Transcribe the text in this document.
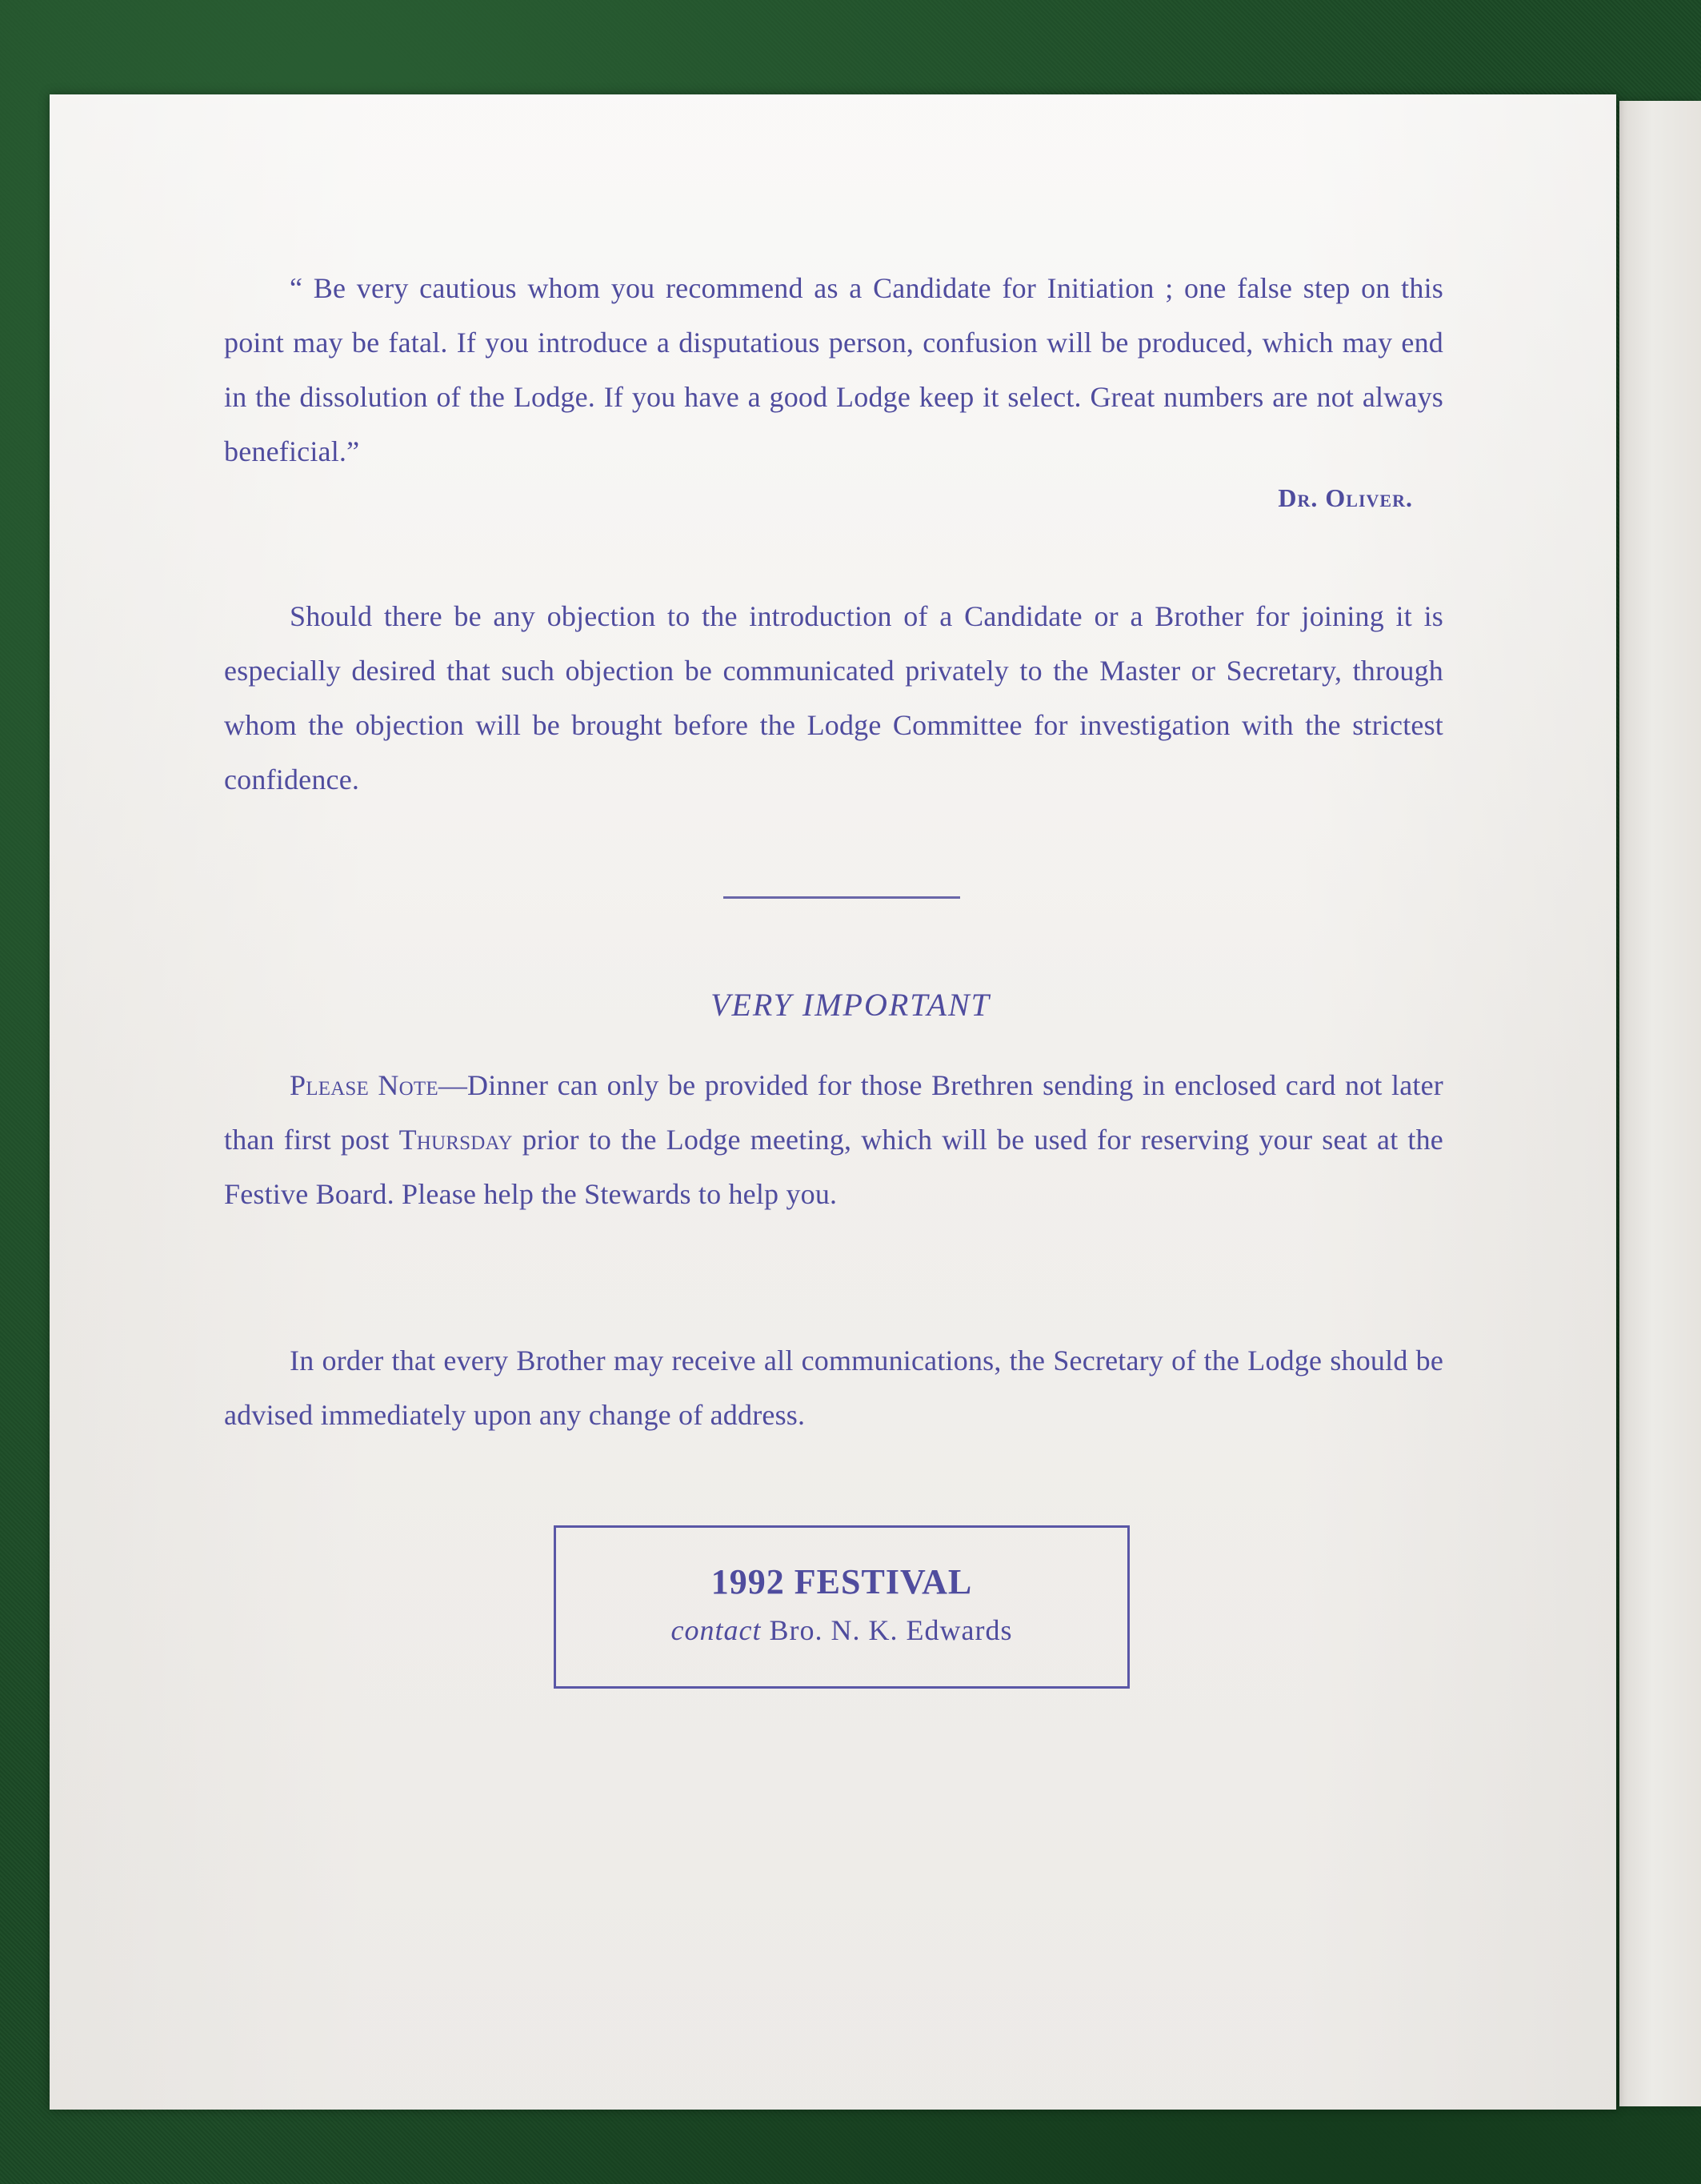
“ Be very cautious whom you recommend as a Candidate for Initiation ; one false step on this point may be fatal. If you introduce a disputatious person, confusion will be produced, which may end in the dissolution of the Lodge. If you have a good Lodge keep it select. Great numbers are not always beneficial.”

Dr. Oliver.

Should there be any objection to the introduction of a Candidate or a Brother for joining it is especially desired that such objection be communicated privately to the Master or Secretary, through whom the objection will be brought before the Lodge Committee for investigation with the strictest confidence.

VERY IMPORTANT

Please Note—Dinner can only be provided for those Brethren sending in enclosed card not later than first post Thursday prior to the Lodge meeting, which will be used for reserving your seat at the Festive Board. Please help the Stewards to help you.

In order that every Brother may receive all communications, the Secretary of the Lodge should be advised immediately upon any change of address.

1992 FESTIVAL
contact Bro. N. K. Edwards
